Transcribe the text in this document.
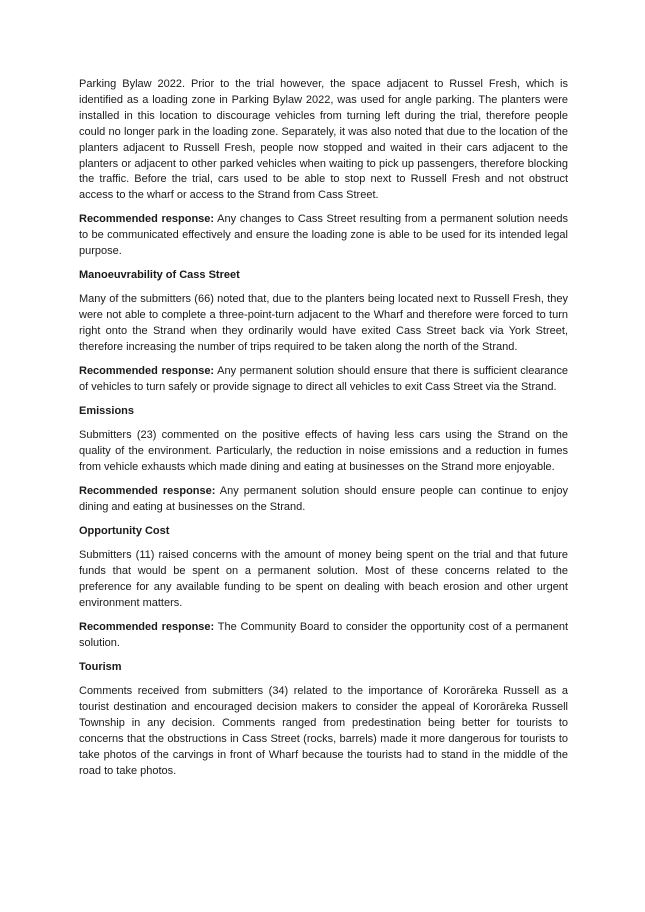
Parking Bylaw 2022. Prior to the trial however, the space adjacent to Russel Fresh, which is identified as a loading zone in Parking Bylaw 2022, was used for angle parking. The planters were installed in this location to discourage vehicles from turning left during the trial, therefore people could no longer park in the loading zone. Separately, it was also noted that due to the location of the planters adjacent to Russell Fresh, people now stopped and waited in their cars adjacent to the planters or adjacent to other parked vehicles when waiting to pick up passengers, therefore blocking the traffic. Before the trial, cars used to be able to stop next to Russell Fresh and not obstruct access to the wharf or access to the Strand from Cass Street.

Recommended response: Any changes to Cass Street resulting from a permanent solution needs to be communicated effectively and ensure the loading zone is able to be used for its intended legal purpose.

Manoeuvrability of Cass Street

Many of the submitters (66) noted that, due to the planters being located next to Russell Fresh, they were not able to complete a three-point-turn adjacent to the Wharf and therefore were forced to turn right onto the Strand when they ordinarily would have exited Cass Street back via York Street, therefore increasing the number of trips required to be taken along the north of the Strand.

Recommended response: Any permanent solution should ensure that there is sufficient clearance of vehicles to turn safely or provide signage to direct all vehicles to exit Cass Street via the Strand.

Emissions

Submitters (23) commented on the positive effects of having less cars using the Strand on the quality of the environment. Particularly, the reduction in noise emissions and a reduction in fumes from vehicle exhausts which made dining and eating at businesses on the Strand more enjoyable.

Recommended response: Any permanent solution should ensure people can continue to enjoy dining and eating at businesses on the Strand.

Opportunity Cost

Submitters (11) raised concerns with the amount of money being spent on the trial and that future funds that would be spent on a permanent solution. Most of these concerns related to the preference for any available funding to be spent on dealing with beach erosion and other urgent environment matters.

Recommended response: The Community Board to consider the opportunity cost of a permanent solution.

Tourism

Comments received from submitters (34) related to the importance of Kororāreka Russell as a tourist destination and encouraged decision makers to consider the appeal of Kororāreka Russell Township in any decision. Comments ranged from predestination being better for tourists to concerns that the obstructions in Cass Street (rocks, barrels) made it more dangerous for tourists to take photos of the carvings in front of Wharf because the tourists had to stand in the middle of the road to take photos.
